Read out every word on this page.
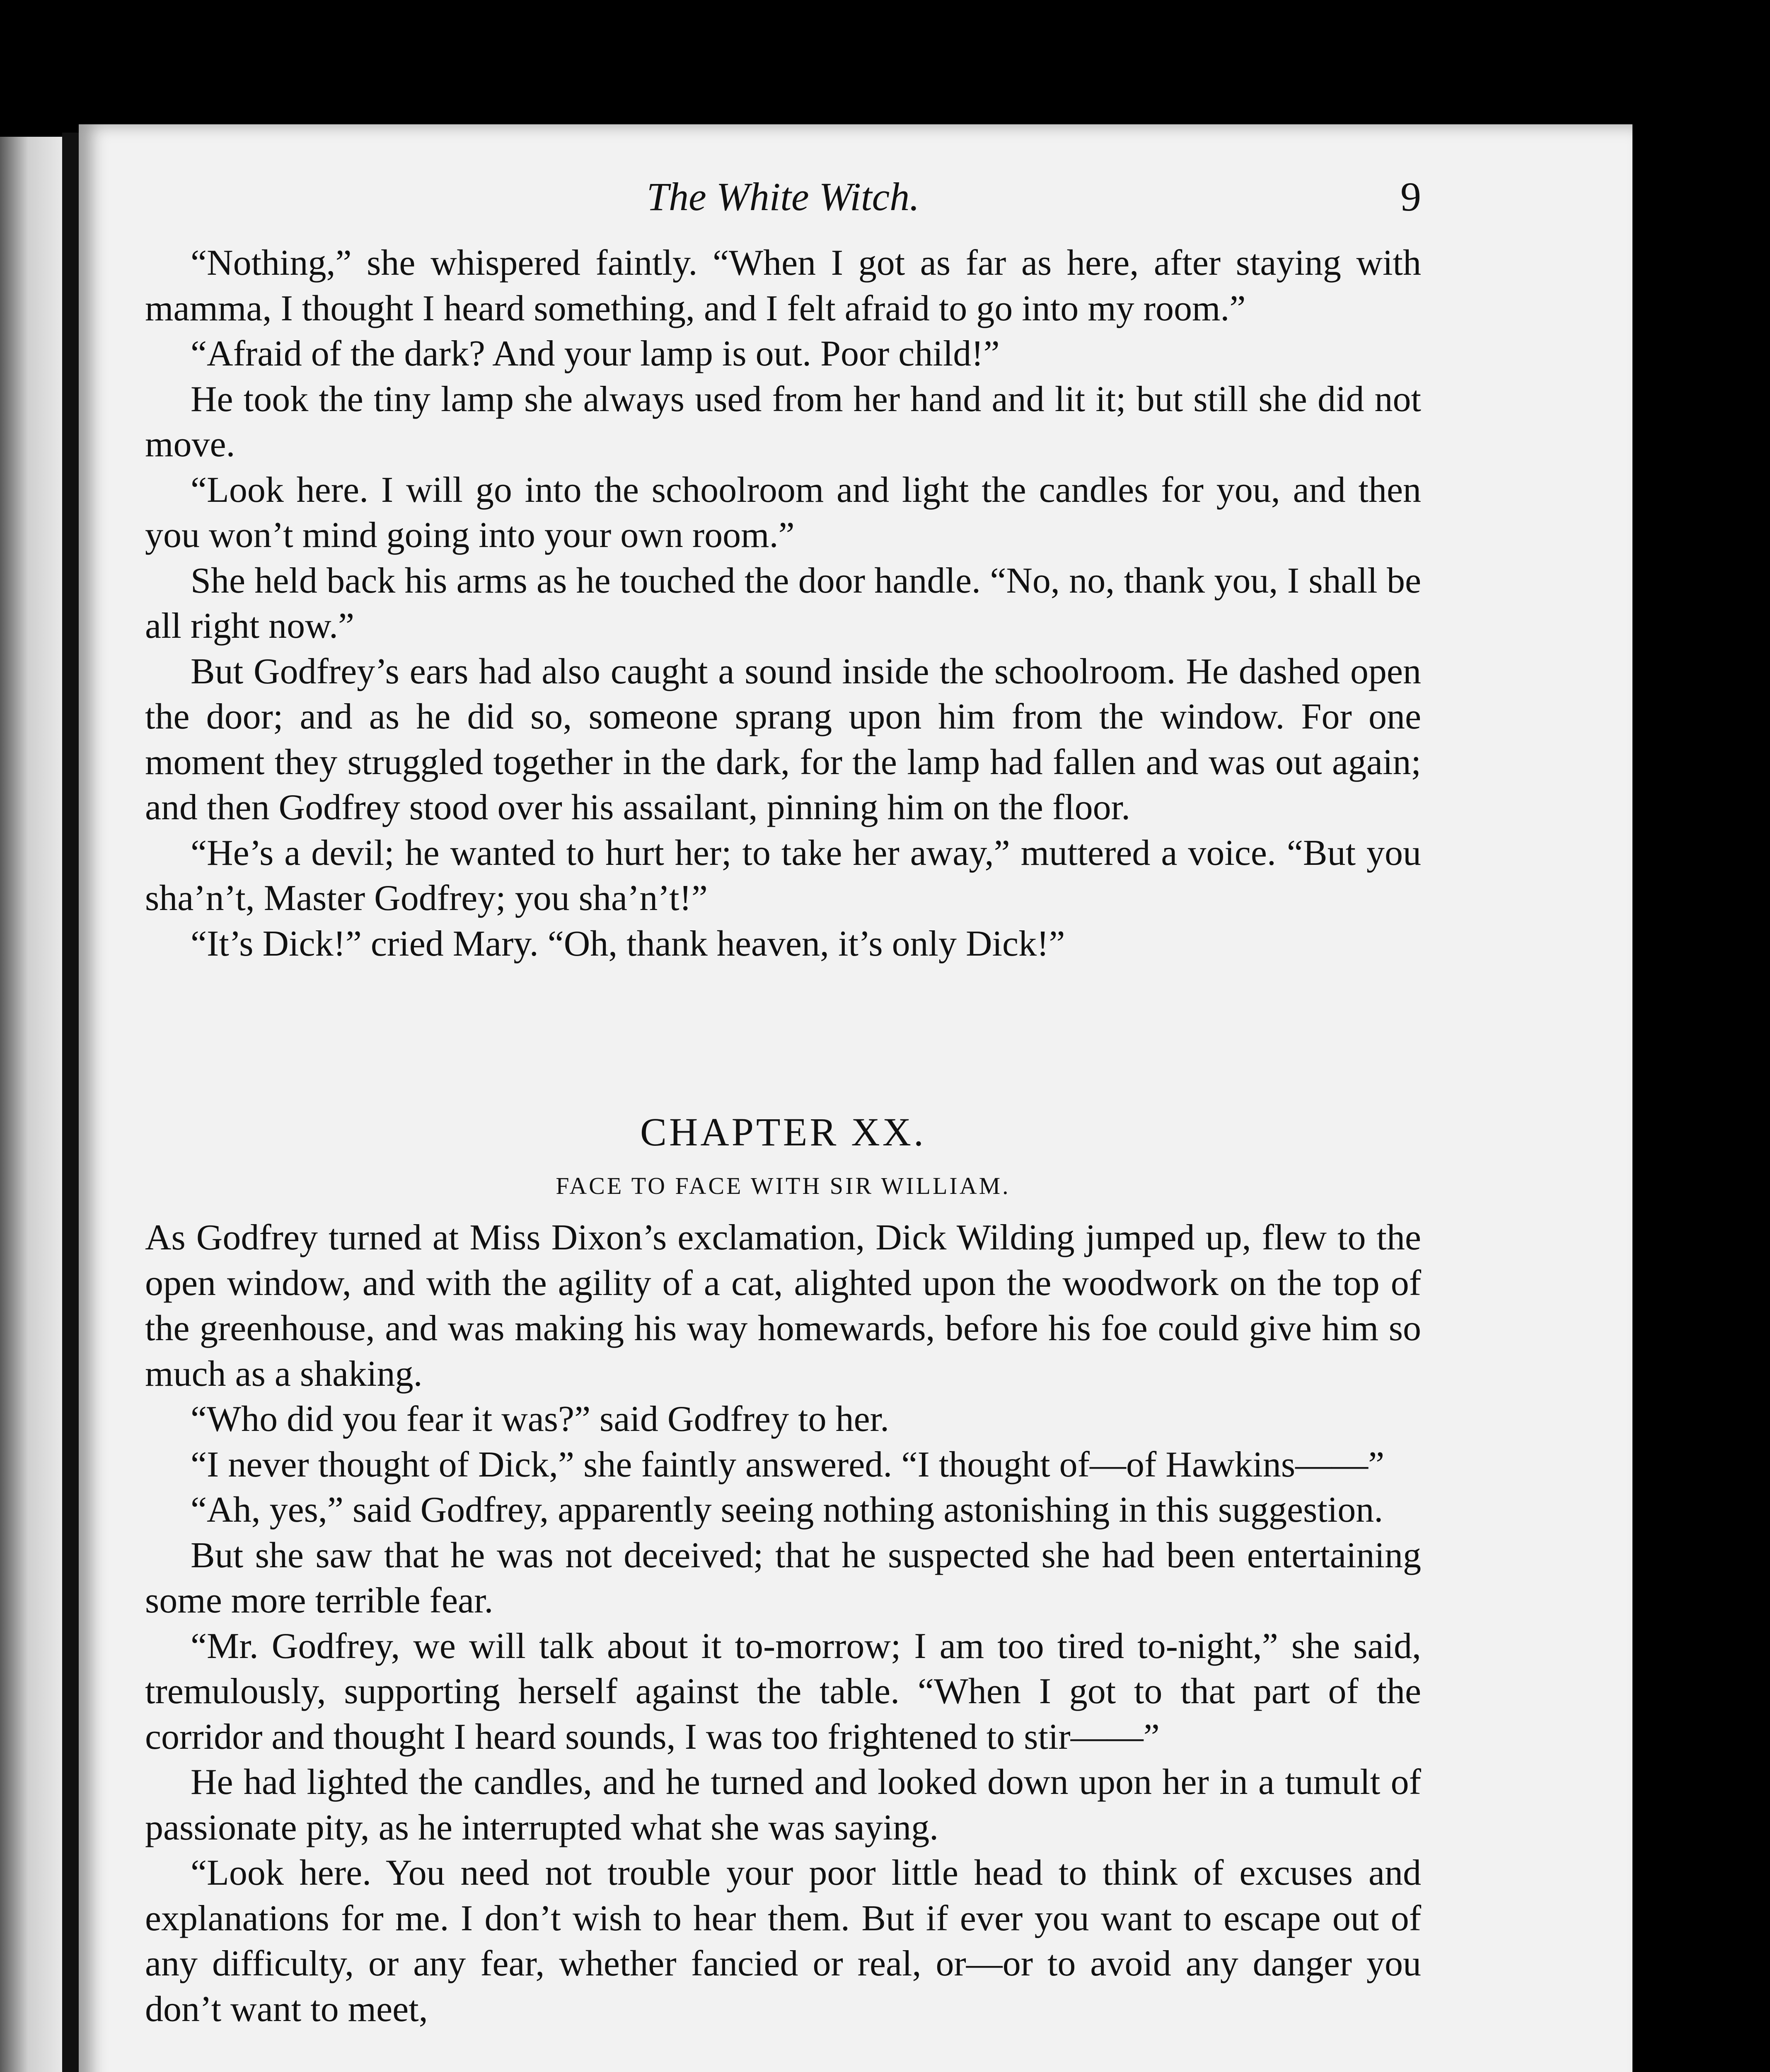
The White Witch.	9

“Nothing,” she whispered faintly. “When I got as far as here, after staying with mamma, I thought I heard something, and I felt afraid to go into my room.”

“Afraid of the dark? And your lamp is out. Poor child!”

He took the tiny lamp she always used from her hand and lit it; but still she did not move.

“Look here. I will go into the schoolroom and light the candles for you, and then you won’t mind going into your own room.”

She held back his arms as he touched the door handle. “No, no, thank you, I shall be all right now.”

But Godfrey’s ears had also caught a sound inside the schoolroom. He dashed open the door; and as he did so, someone sprang upon him from the window. For one moment they struggled together in the dark, for the lamp had fallen and was out again; and then Godfrey stood over his assailant, pinning him on the floor.

“He’s a devil; he wanted to hurt her; to take her away,” muttered a voice. “But you sha’n’t, Master Godfrey; you sha’n’t!”

“It’s Dick!” cried Mary. “Oh, thank heaven, it’s only Dick!”

CHAPTER XX.
FACE TO FACE WITH SIR WILLIAM.

As Godfrey turned at Miss Dixon’s exclamation, Dick Wilding jumped up, flew to the open window, and with the agility of a cat, alighted upon the woodwork on the top of the greenhouse, and was making his way homewards, before his foe could give him so much as a shaking.

“Who did you fear it was?” said Godfrey to her.

“I never thought of Dick,” she faintly answered. “I thought of—of Hawkins——”

“Ah, yes,” said Godfrey, apparently seeing nothing astonishing in this suggestion.

But she saw that he was not deceived; that he suspected she had been entertaining some more terrible fear.

“Mr. Godfrey, we will talk about it to-morrow; I am too tired to-night,” she said, tremulously, supporting herself against the table. “When I got to that part of the corridor and thought I heard sounds, I was too frightened to stir——”

He had lighted the candles, and he turned and looked down upon her in a tumult of passionate pity, as he interrupted what she was saying.

“Look here. You need not trouble your poor little head to think of excuses and explanations for me. I don’t wish to hear them. But if ever you want to escape out of any difficulty, or any fear, whether fancied or real, or—or to avoid any danger you don’t want to meet,
